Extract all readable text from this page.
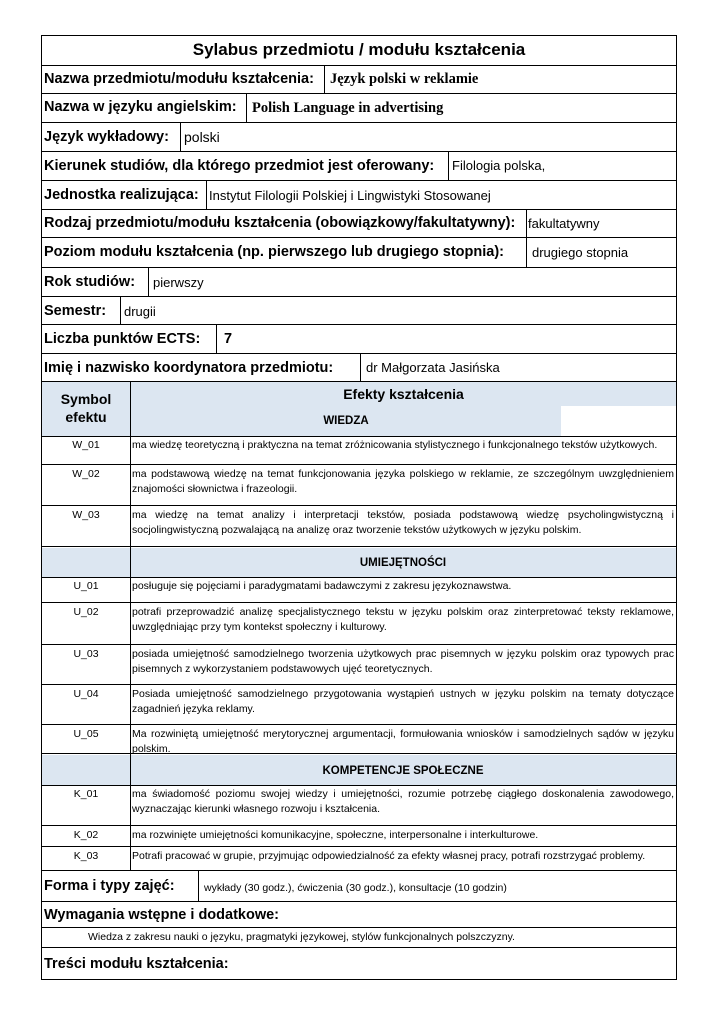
Sylabus przedmiotu / modułu kształcenia
Nazwa przedmiotu/modułu kształcenia: Język polski w reklamie
Nazwa w języku angielskim: Polish Language in advertising
Język wykładowy: polski
Kierunek studiów, dla którego przedmiot jest oferowany: Filologia polska,
Jednostka realizująca: Instytut Filologii Polskiej i Lingwistyki Stosowanej
Rodzaj przedmiotu/modułu kształcenia (obowiązkowy/fakultatywny): fakultatywny
Poziom modułu kształcenia (np. pierwszego lub drugiego stopnia): drugiego stopnia
Rok studiów: pierwszy
Semestr: drugii
Liczba punktów ECTS: 7
Imię i nazwisko koordynatora przedmiotu:	dr Małgorzata Jasińska
Symbol
efektu
Efekty kształcenia
WIEDZA
W_01	ma wiedzę teoretyczną i praktyczna na temat zróżnicowania stylistycznego i funkcjonalnego tekstów użytkowych.
W_02	ma podstawową wiedzę na temat funkcjonowania języka polskiego w reklamie, ze szczególnym uwzględnieniem znajomości słownictwa i frazeologii.
W_03	ma wiedzę na temat analizy i interpretacji tekstów, posiada podstawową wiedzę psycholingwistyczną i socjolingwistyczną pozwalającą na analizę oraz tworzenie tekstów użytkowych w języku polskim.
UMIEJĘTNOŚCI
U_01	posługuje się pojęciami i paradygmatami badawczymi z zakresu językoznawstwa.
U_02	potrafi przeprowadzić analizę specjalistycznego tekstu w języku polskim oraz zinterpretować teksty reklamowe, uwzględniając przy tym kontekst społeczny i kulturowy.
U_03	posiada umiejętność samodzielnego tworzenia użytkowych prac pisemnych w języku polskim oraz typowych prac pisemnych z wykorzystaniem podstawowych ujęć teoretycznych.
U_04	Posiada umiejętność samodzielnego przygotowania wystąpień ustnych w języku polskim na tematy dotyczące zagadnień języka reklamy.
U_05	Ma rozwiniętą umiejętność merytorycznej argumentacji, formułowania wniosków i samodzielnych sądów w języku polskim.
KOMPETENCJE SPOŁECZNE
K_01	ma świadomość poziomu swojej wiedzy i umiejętności, rozumie potrzebę ciągłego doskonalenia zawodowego, wyznaczając kierunki własnego rozwoju i kształcenia.
K_02	ma rozwinięte umiejętności komunikacyjne, społeczne, interpersonalne i interkulturowe.
K_03	Potrafi pracować w grupie, przyjmując odpowiedzialność za efekty własnej pracy, potrafi rozstrzygać problemy.
Forma i typy zajęć:	wykłady (30 godz.), ćwiczenia (30 godz.), konsultacje (10 godzin)
Wymagania wstępne i dodatkowe:
Wiedza z zakresu nauki o języku, pragmatyki językowej, stylów funkcjonalnych polszczyzny.
Treści modułu kształcenia:
